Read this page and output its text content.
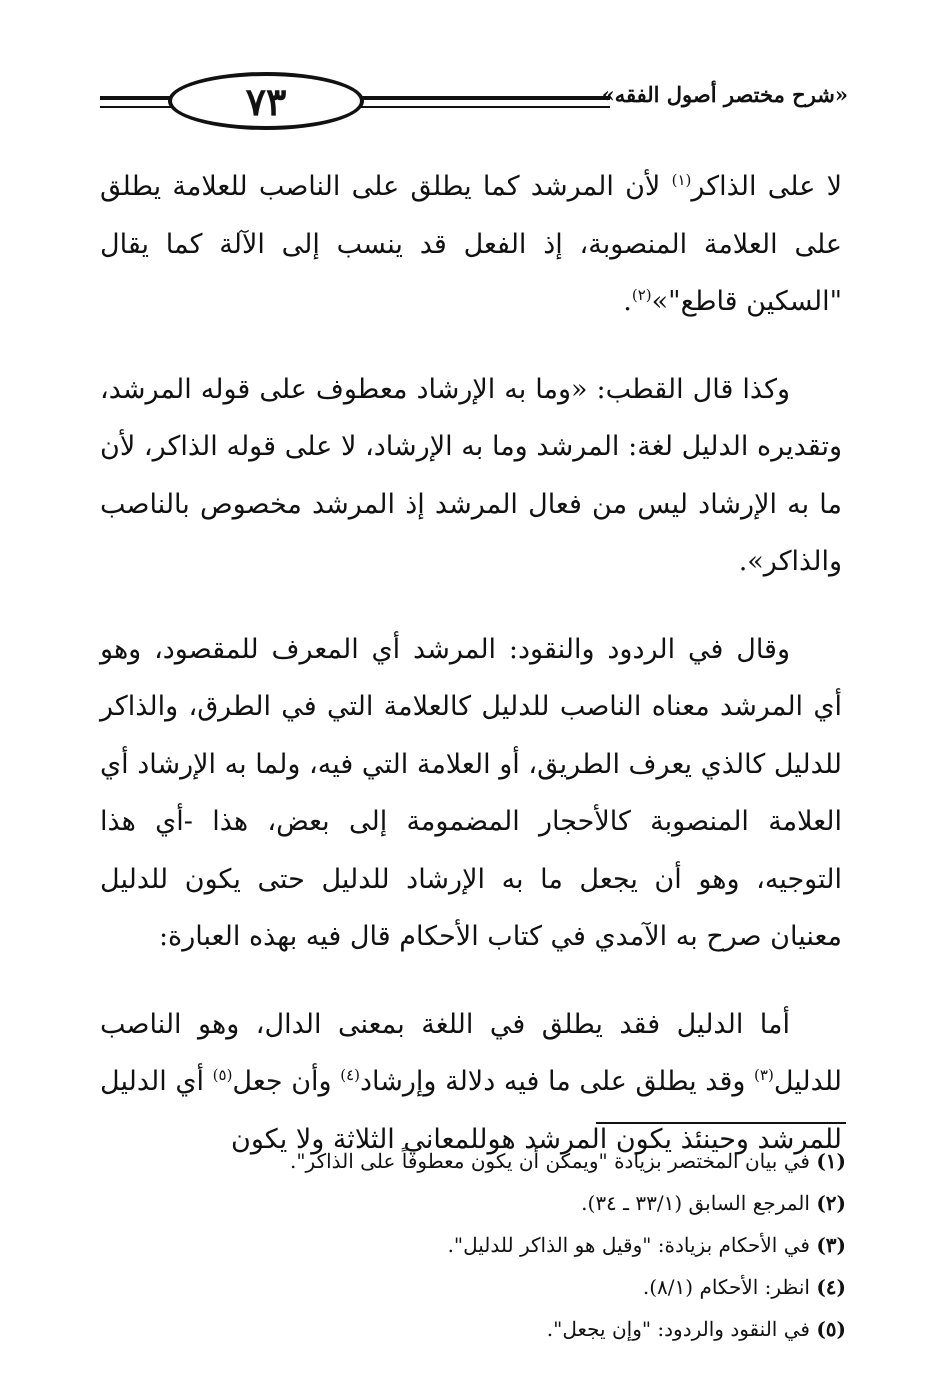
٧٣	«شرح مختصر أصول الفقه»

لا على الذاكر$^{(١)}$ لأن المرشد كما يطلق على الناصب للعلامة يطلق على العلامة المنصوبة، إذ الفعل قد ينسب إلى الآلة كما يقال "السكين قاطع"»$^{(٢)}$.

وكذا قال القطب: «وما به الإرشاد معطوف على قوله المرشد، وتقديره الدليل لغة: المرشد وما به الإرشاد، لا على قوله الذاكر، لأن ما به الإرشاد ليس من فعال المرشد إذ المرشد مخصوص بالناصب والذاكر».

وقال في الردود والنقود: المرشد أي المعرف للمقصود، وهو أي المرشد معناه الناصب للدليل كالعلامة التي في الطرق، والذاكر للدليل كالذي يعرف الطريق، أو العلامة التي فيه، ولما به الإرشاد أي العلامة المنصوبة كالأحجار المضمومة إلى بعض، هذا -أي هذا التوجيه، وهو أن يجعل ما به الإرشاد للدليل حتى يكون للدليل معنيان صرح به الآمدي في كتاب الأحكام قال فيه بهذه العبارة:

أما الدليل فقد يطلق في اللغة بمعنى الدال، وهو الناصب للدليل$^{(٣)}$ وقد يطلق على ما فيه دلالة وإرشاد$^{(٤)}$ وأن جعل$^{(٥)}$ أي الدليل للمرشد وحينئذ يكون المرشد هوللمعاني الثلاثة ولا يكون

(١) في بيان المختصر بزيادة "ويمكن أن يكون معطوفاً على الذاكر".

(٢) المرجع السابق (٣٣/١ ـ ٣٤).

(٣) في الأحكام بزيادة: "وقيل هو الذاكر للدليل".

(٤) انظر: الأحكام (٨/١).

(٥) في النقود والردود: "وإن يجعل".
